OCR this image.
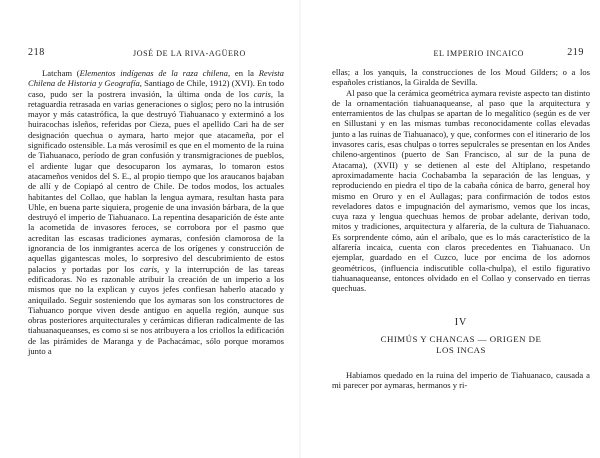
218	JOSÉ DE LA RIVA-AGÜERO

Latcham (Elementos indígenas de la raza chilena, en la Revista Chilena de Historia y Geografía, Santiago de Chile, 1912) (XVI). En todo caso, pudo ser la postrera invasión, la última onda de los caris, la retaguardia retrasada en varias generaciones o siglos; pero no la intrusión mayor y más catastrófica, la que destruyó Tiahuanaco y exterminó a los huiracochas isleños, referidas por Cieza, pues el apellido Cari ha de ser designación quechua o aymara, harto mejor que atacameña, por el significado ostensible. La más verosímil es que en el momento de la ruina de Tiahuanaco, período de gran confusión y transmigraciones de pueblos, el ardiente lugar que desocuparon los aymaras, lo tomaron estos atacameños venidos del S. E., al propio tiempo que los araucanos bajaban de allí y de Copiapó al centro de Chile. De todos modos, los actuales habitantes del Collao, que hablan la lengua aymara, resultan hasta para Uhle, en buena parte siquiera, progenie de una invasión bárbara, de la que destruyó el imperio de Tiahuanaco. La repentina desaparición de éste ante la acometida de invasores feroces, se corrobora por el pasmo que acreditan las escasas tradiciones aymaras, confesión clamorosa de la ignorancia de los inmigrantes acerca de los orígenes y construcción de aquellas gigantescas moles, lo sorpresivo del descubrimiento de estos palacios y portadas por los caris, y la interrupción de las tareas edificadoras. No es razonable atribuir la creación de un imperio a los mismos que no la explican y cuyos jefes confiesan haberlo atacado y aniquilado. Seguir sosteniendo que los aymaras son los constructores de Tiahuanco porque viven desde antiguo en aquella región, aunque sus obras posteriores arquitecturales y cerámicas difieran radicalmente de las tiahuanaqueanses, es como si se nos atribuyera a los criollos la edificación de las pirámides de Maranga y de Pachacámac, sólo porque moramos junto a

EL IMPERIO INCAICO	219

ellas; a los yanquis, la construcciones de los Moud Gilders; o a los españoles cristianos, la Giralda de Sevilla.

Al paso que la cerámica geométrica aymara reviste aspecto tan distinto de la ornamentación tiahuanaqueanse, al paso que la arquitectura y enterramientos de las chulpas se apartan de lo megalítico (según es de ver en Sillustani y en las mismas tumbas reconocidamente collas elevadas junto a las ruinas de Tiahuanaco), y que, conformes con el itinerario de los invasores caris, esas chulpas o torres sepulcrales se presentan en los Andes chileno-argentinos (puerto de San Francisco, al sur de la puna de Atacama), (XVII) y se detienen al este del Altiplano, respetando aproximadamente hacia Cochabamba la separación de las lenguas, y reproduciendo en piedra el tipo de la cabaña cónica de barro, general hoy mismo en Oruro y en el Aullagas; para confirmación de todos estos reveladores datos e impugnación del aymarismo, vemos que los incas, cuya raza y lengua quechuas hemos de probar adelante, derivan todo, mitos y tradiciones, arquitectura y alfarería, de la cultura de Tiahuanaco. Es sorprendente cómo, aún el aríbalo, que es lo más característico de la alfarería incaica, cuenta con claros precedentes en Tiahuanaco. Un ejemplar, guardado en el Cuzco, luce por encima de los adornos geométricos, (influencia indiscutible colla-chulpa), el estilo figurativo tiahuanaqueanse, entonces olvidado en el Collao y conservado en tierras quechuas.

IV
CHIMÚS Y CHANCAS — ORIGEN DE
LOS INCAS

Habiamos quedado en la ruina del imperio de Tiahuanaco, causada a mi parecer por aymaras, hermanos y ri-
